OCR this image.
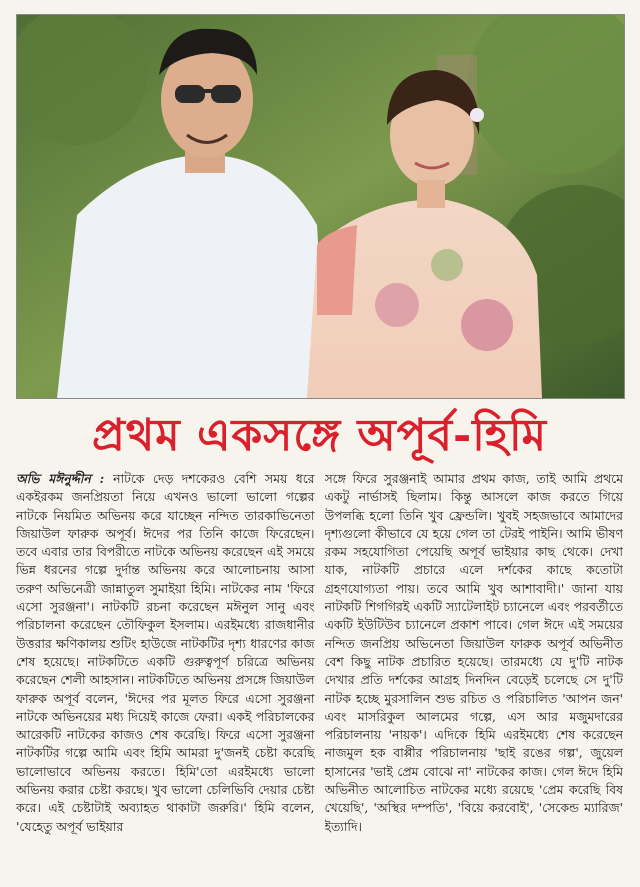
প্রথম একসঙ্গে অপূর্ব-হিমি
অভি মঈনুদ্দীন : নাটকে দেড় দশকেরও বেশি সময় ধরে একইরকম জনপ্রিয়তা নিয়ে এখনও ভালো ভালো গল্পের নাটকে নিয়মিত অভিনয় করে যাচ্ছেন নন্দিত তারকাভিনেতা জিয়াউল ফারুক অপূর্ব। ঈদের পর তিনি কাজে ফিরেছেন। তবে এবার তার বিপরীতে নাটকে অভিনয় করেছেন এই সময়ে ভিন্ন ধরনের গল্পে দুর্দান্ত অভিনয় করে আলোচনায় আসা তরুণ অভিনেত্রী জান্নাতুল সুমাইয়া হিমি। নাটকের নাম 'ফিরে এসো সুরঞ্জনা'। নাটকটি রচনা করেছেন মঈনুল সানু এবং পরিচালনা করেছেন তৌফিকুল ইসলাম। এরইমধ্যে রাজধানীর উত্তরার ক্ষণিকালয় শুটিং হাউজে নাটকটির দৃশ্য ধারণের কাজ শেষ হয়েছে। নাটকটিতে একটি গুরুত্বপূর্ণ চরিত্রে অভিনয় করেছেন শেলী আহসান। নাটকটিতে অভিনয় প্রসঙ্গে জিয়াউল ফারুক অপূর্ব বলেন, 'ঈদের পর মূলত ফিরে এসো সুরঞ্জনা নাটকে অভিনয়ের মধ্য দিয়েই কাজে ফেরা। একই পরিচালকের আরেকটি নাটকের কাজও শেষ করেছি। ফিরে এসো সুরঞ্জনা নাটকটির গল্পে আমি এবং হিমি আমরা দু'জনই চেষ্টা করেছি ভালোভাবে অভিনয় করতে। হিমি'তো এরইমধ্যে ভালো অভিনয় করার চেষ্টা করছে। খুব ভালো চেলিভিবি দেয়ার চেষ্টা করে। এই চেষ্টাটাই অব্যাহত থাকাটা জরুরি।' হিমি বলেন, 'যেহেতু অপূর্ব ভাইয়ার
সঙ্গে ফিরে সুরঞ্জনাই আমার প্রথম কাজ, তাই আমি প্রথমে একটু নার্ভাসই ছিলাম। কিন্তু আসলে কাজ করতে গিয়ে উপলব্ধি হলো তিনি খুব ফ্রেন্ডলি। খুবই সহজভাবে আমাদের দৃশ্যগুলো কীভাবে যে হয়ে গেল তা টেরই পাইনি। আমি ভীষণ রকম সহযোগিতা পেয়েছি অপূর্ব ভাইয়ার কাছ থেকে। দেখা যাক, নাটকটি প্রচারে এলে দর্শকের কাছে কতোটা গ্রহণযোগ্যতা পায়। তবে আমি খুব আশাবাদী।' জানা যায় নাটকটি শিগগিরই একটি স্যাটেলাইট চ্যানেলে এবং পরবর্তীতে একটি ইউটিউব চ্যানেলে প্রকাশ পাবে। গেল ঈদে এই সময়ের নন্দিত জনপ্রিয় অভিনেতা জিয়াউল ফারুক অপূর্ব অভিনীত বেশ কিছু নাটক প্রচারিত হয়েছে। তারমধ্যে যে দু'টি নাটক দেখার প্রতি দর্শকের আগ্রহ দিনদিন বেড়েই চলেছে সে দু'টি নাটক হচ্ছে মুরসালিন শুভ রচিত ও পরিচালিত 'আপন জন' এবং মাসরিকুল আলমের গল্পে, এস আর মজুমদারের পরিচালনায় 'নায়ক'। এদিকে হিমি এরইমধ্যে শেষ করেছেন নাজমুল হক বাপ্পীর পরিচালনায় 'ছাই রঙের গল্প', জুয়েল হাসানের 'ভাই প্রেম বোঝে না' নাটকের কাজ। গেল ঈদে হিমি অভিনীত আলোচিত নাটকের মধ্যে রয়েছে 'প্রেম করেছি বিষ খেয়েছি', 'অস্থির দম্পতি', 'বিয়ে করবোই', 'সেকেন্ড ম্যারিজ' ইত্যাদি।
